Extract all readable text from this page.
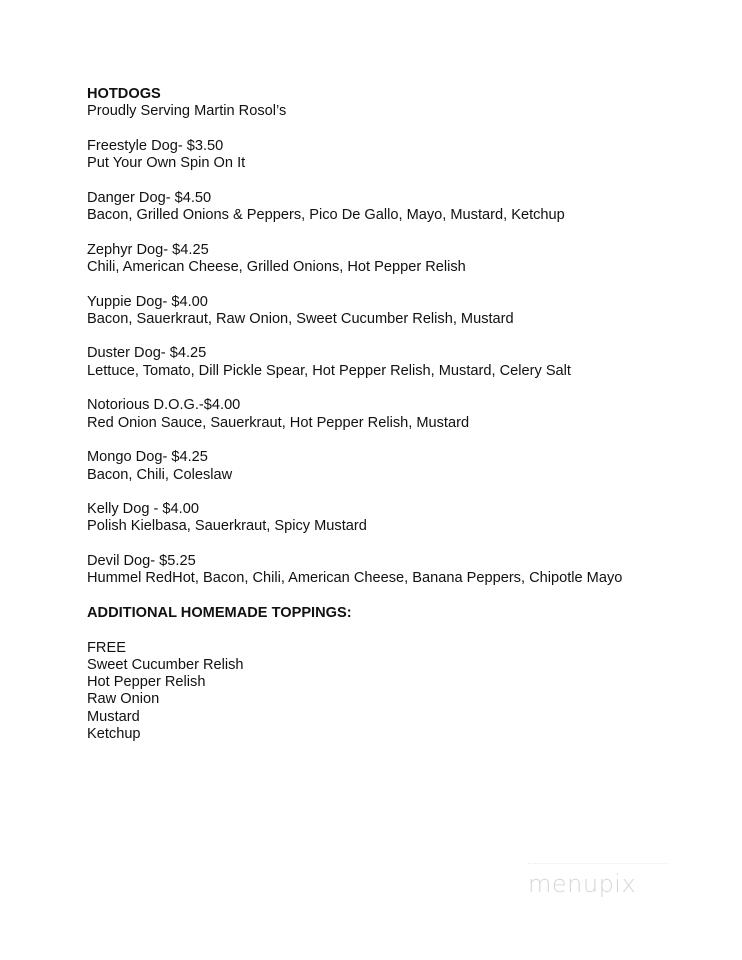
HOTDOGS
Proudly Serving Martin Rosol’s
Freestyle Dog- $3.50
Put Your Own Spin On It
Danger Dog- $4.50
Bacon, Grilled Onions & Peppers, Pico De Gallo, Mayo, Mustard, Ketchup
Zephyr Dog- $4.25
Chili, American Cheese, Grilled Onions, Hot Pepper Relish
Yuppie Dog- $4.00
Bacon, Sauerkraut, Raw Onion, Sweet Cucumber Relish, Mustard
Duster Dog- $4.25
Lettuce, Tomato, Dill Pickle Spear, Hot Pepper Relish, Mustard, Celery Salt
Notorious D.O.G.-$4.00
Red Onion Sauce, Sauerkraut, Hot Pepper Relish, Mustard
Mongo Dog- $4.25
Bacon, Chili, Coleslaw
Kelly Dog - $4.00
Polish Kielbasa, Sauerkraut, Spicy Mustard
Devil Dog- $5.25
Hummel RedHot, Bacon, Chili, American Cheese, Banana Peppers, Chipotle Mayo
ADDITIONAL HOMEMADE TOPPINGS:
FREE
Sweet Cucumber Relish
Hot Pepper Relish
Raw Onion
Mustard
Ketchup
menupix
